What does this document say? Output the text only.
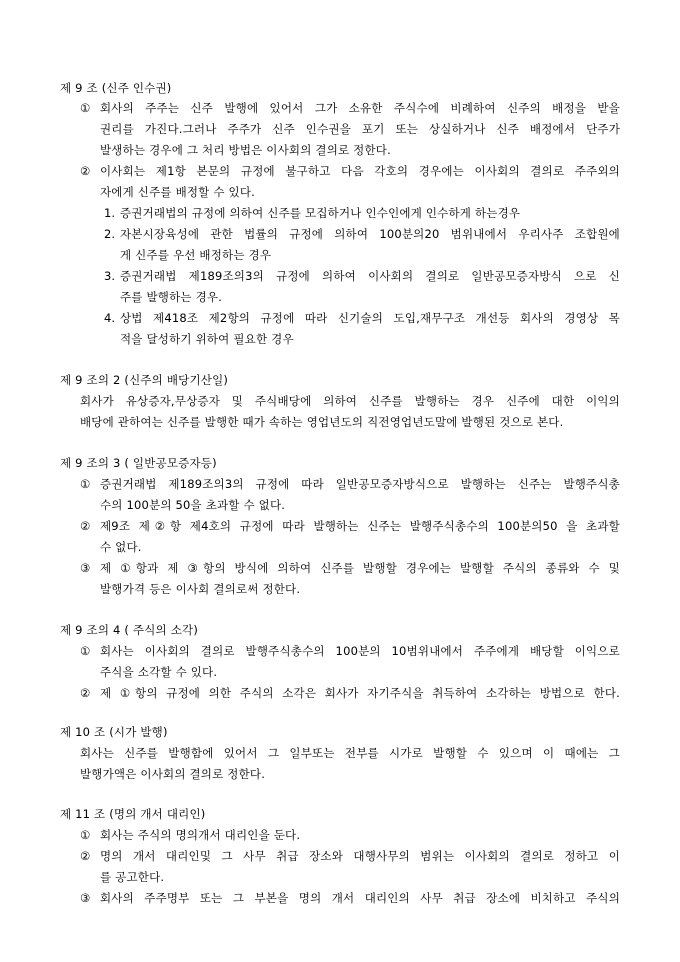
제 9 조 (신주 인수권)
① 회사의 주주는 신주 발행에 있어서 그가 소유한 주식수에 비례하여 신주의 배정을 받을
권리를 가진다.그러나 주주가 신주 인수권을 포기 또는 상실하거나 신주 배정에서 단주가
발생하는 경우에 그 처리 방법은 이사회의 결의로 정한다.
② 이사회는 제1항 본문의 규정에 불구하고 다음 각호의 경우에는 이사회의 결의로 주주외의
자에게 신주를 배정할 수 있다.
1. 증권거래법의 규정에 의하여 신주를 모집하거나 인수인에게 인수하게 하는경우
2. 자본시장육성에 관한 법률의 규정에 의하여 100분의20 범위내에서 우리사주 조합원에
게 신주를 우선 배정하는 경우
3. 증권거래법 제189조의3의 규정에 의하여 이사회의 결의로 일반공모증자방식 으로 신
주를 발행하는 경우.
4. 상법 제418조 제2항의 규정에 따라 신기술의 도입,재무구조 개선등 회사의 경영상 목
적을 달성하기 위하여 필요한 경우
제 9 조의 2 (신주의 배당기산일)
회사가 유상증자,무상증자 및 주식배당에 의하여 신주를 발행하는 경우 신주에 대한 이익의
배당에 관하여는 신주를 발행한 때가 속하는 영업년도의 직전영업년도말에 발행된 것으로 본다.
제 9 조의 3 ( 일반공모증자등)
① 증권거래법 제189조의3의 규정에 따라 일반공모증자방식으로 발행하는 신주는 발행주식총
수의 100분의 50을 초과할 수 없다.
② 제9조 제②항 제4호의 규정에 따라 발행하는 신주는 발행주식총수의 100분의50 을 초과할
수 없다.
③ 제 ①항과 제 ③항의 방식에 의하여 신주를 발행할 경우에는 발행할 주식의 종류와 수 및
발행가격 등은 이사회 결의로써 정한다.
제 9 조의 4 ( 주식의 소각)
① 회사는 이사회의 결의로 발행주식총수의 100분의 10범위내에서 주주에게 배당할 이익으로
주식을 소각할 수 있다.
② 제 ①항의 규정에 의한 주식의 소각은 회사가 자기주식을 취득하여 소각하는 방법으로 한다.
제 10 조 (시가 발행)
회사는 신주를 발행함에 있어서 그 일부또는 전부를 시가로 발행할 수 있으며 이 때에는 그
발행가액은 이사회의 결의로 정한다.
제 11 조 (명의 개서 대리인)
① 회사는 주식의 명의개서 대리인을 둔다.
② 명의 개서 대리인및 그 사무 취급 장소와 대행사무의 범위는 이사회의 결의로 정하고 이
를 공고한다.
③ 회사의 주주명부 또는 그 부본을 명의 개서 대리인의 사무 취급 장소에 비치하고 주식의
